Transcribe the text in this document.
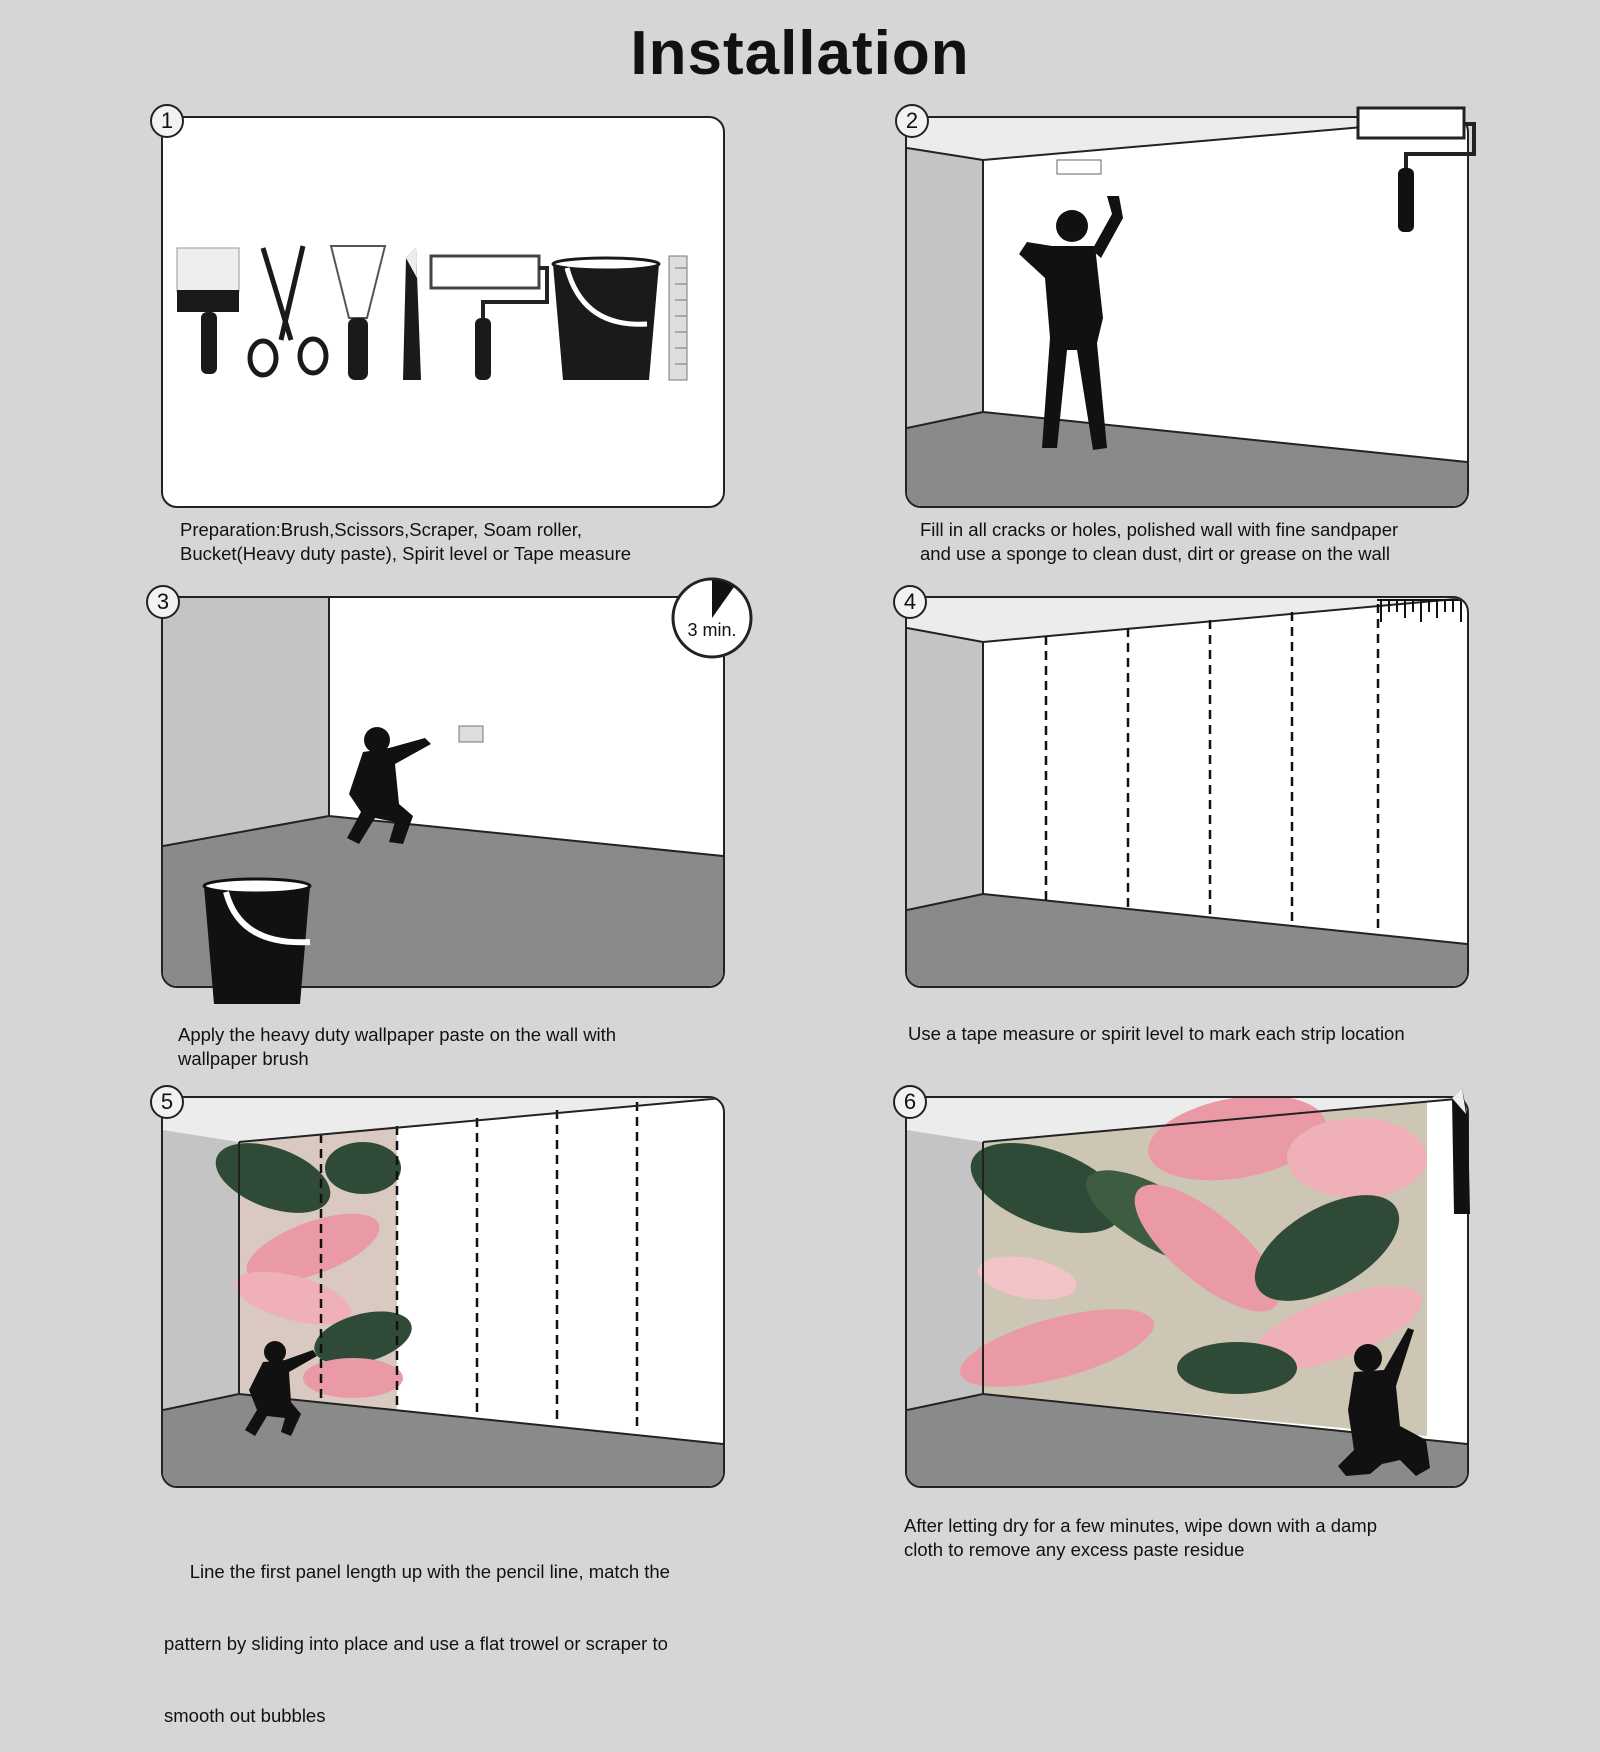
Installation
1
Preparation:Brush,Scissors,Scraper, Soam roller,
Bucket(Heavy duty paste), Spirit level or Tape measure
2
Fill in all cracks or holes, polished wall with fine sandpaper
and use a sponge to clean dust, dirt or grease on the wall
3 min.
3
Apply the heavy duty wallpaper paste on the wall with
wallpaper brush
4
Use a tape measure or spirit level to mark each strip location
5

Line the first panel length up with the pencil line, match the

pattern by sliding into place and use a flat trowel or scraper to

smooth out bubbles

6
After letting dry for a few minutes, wipe down with a damp
cloth to remove any excess paste residue
